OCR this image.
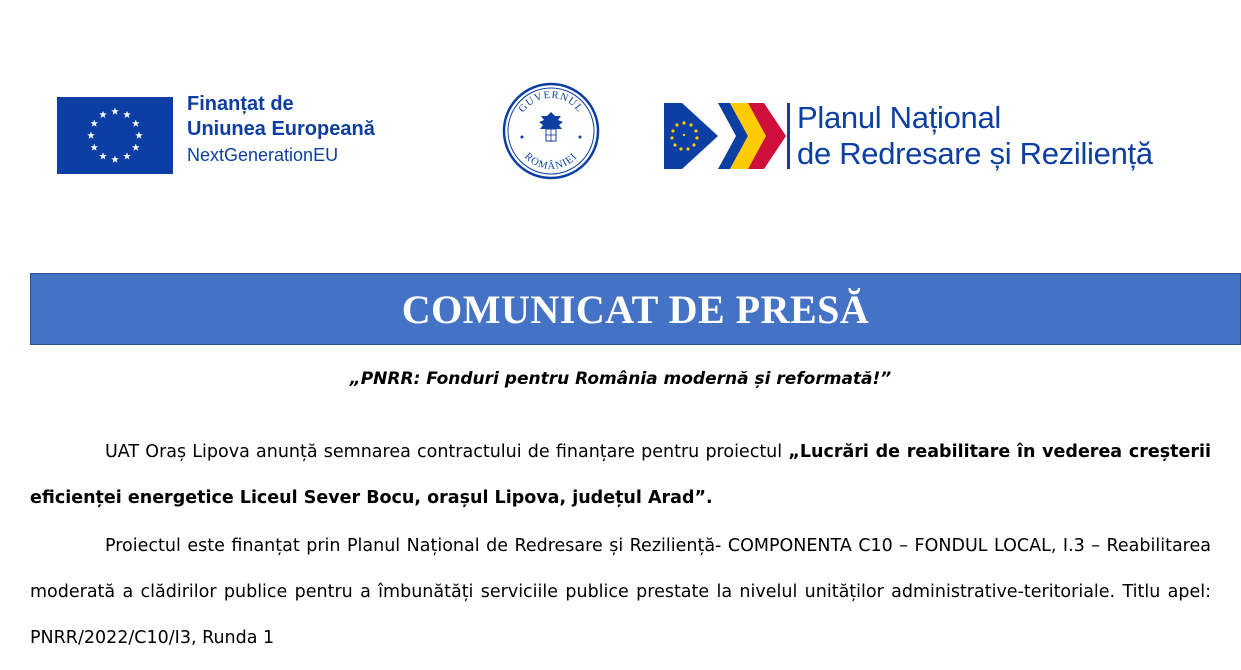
Finanțat de
Uniunea Europeană
NextGenerationEU
GUVERNUL
ROMÂNIEI
Planul Național
de Redresare și Reziliență
COMUNICAT DE PRESĂ
„PNRR: Fonduri pentru România modernă și reformată!”
UAT Oraș Lipova anunță semnarea contractului de finanțare pentru proiectul „Lucrări de reabilitare în vederea creșterii eficienței energetice Liceul Sever Bocu, orașul Lipova, județul Arad”.
Proiectul este finanțat prin Planul Național de Redresare și Reziliență- COMPONENTA C10 – FONDUL LOCAL, I.3 – Reabilitarea moderată a clădirilor publice pentru a îmbunătăți serviciile publice prestate la nivelul unităților administrative-teritoriale. Titlu apel: PNRR/2022/C10/I3, Runda 1
